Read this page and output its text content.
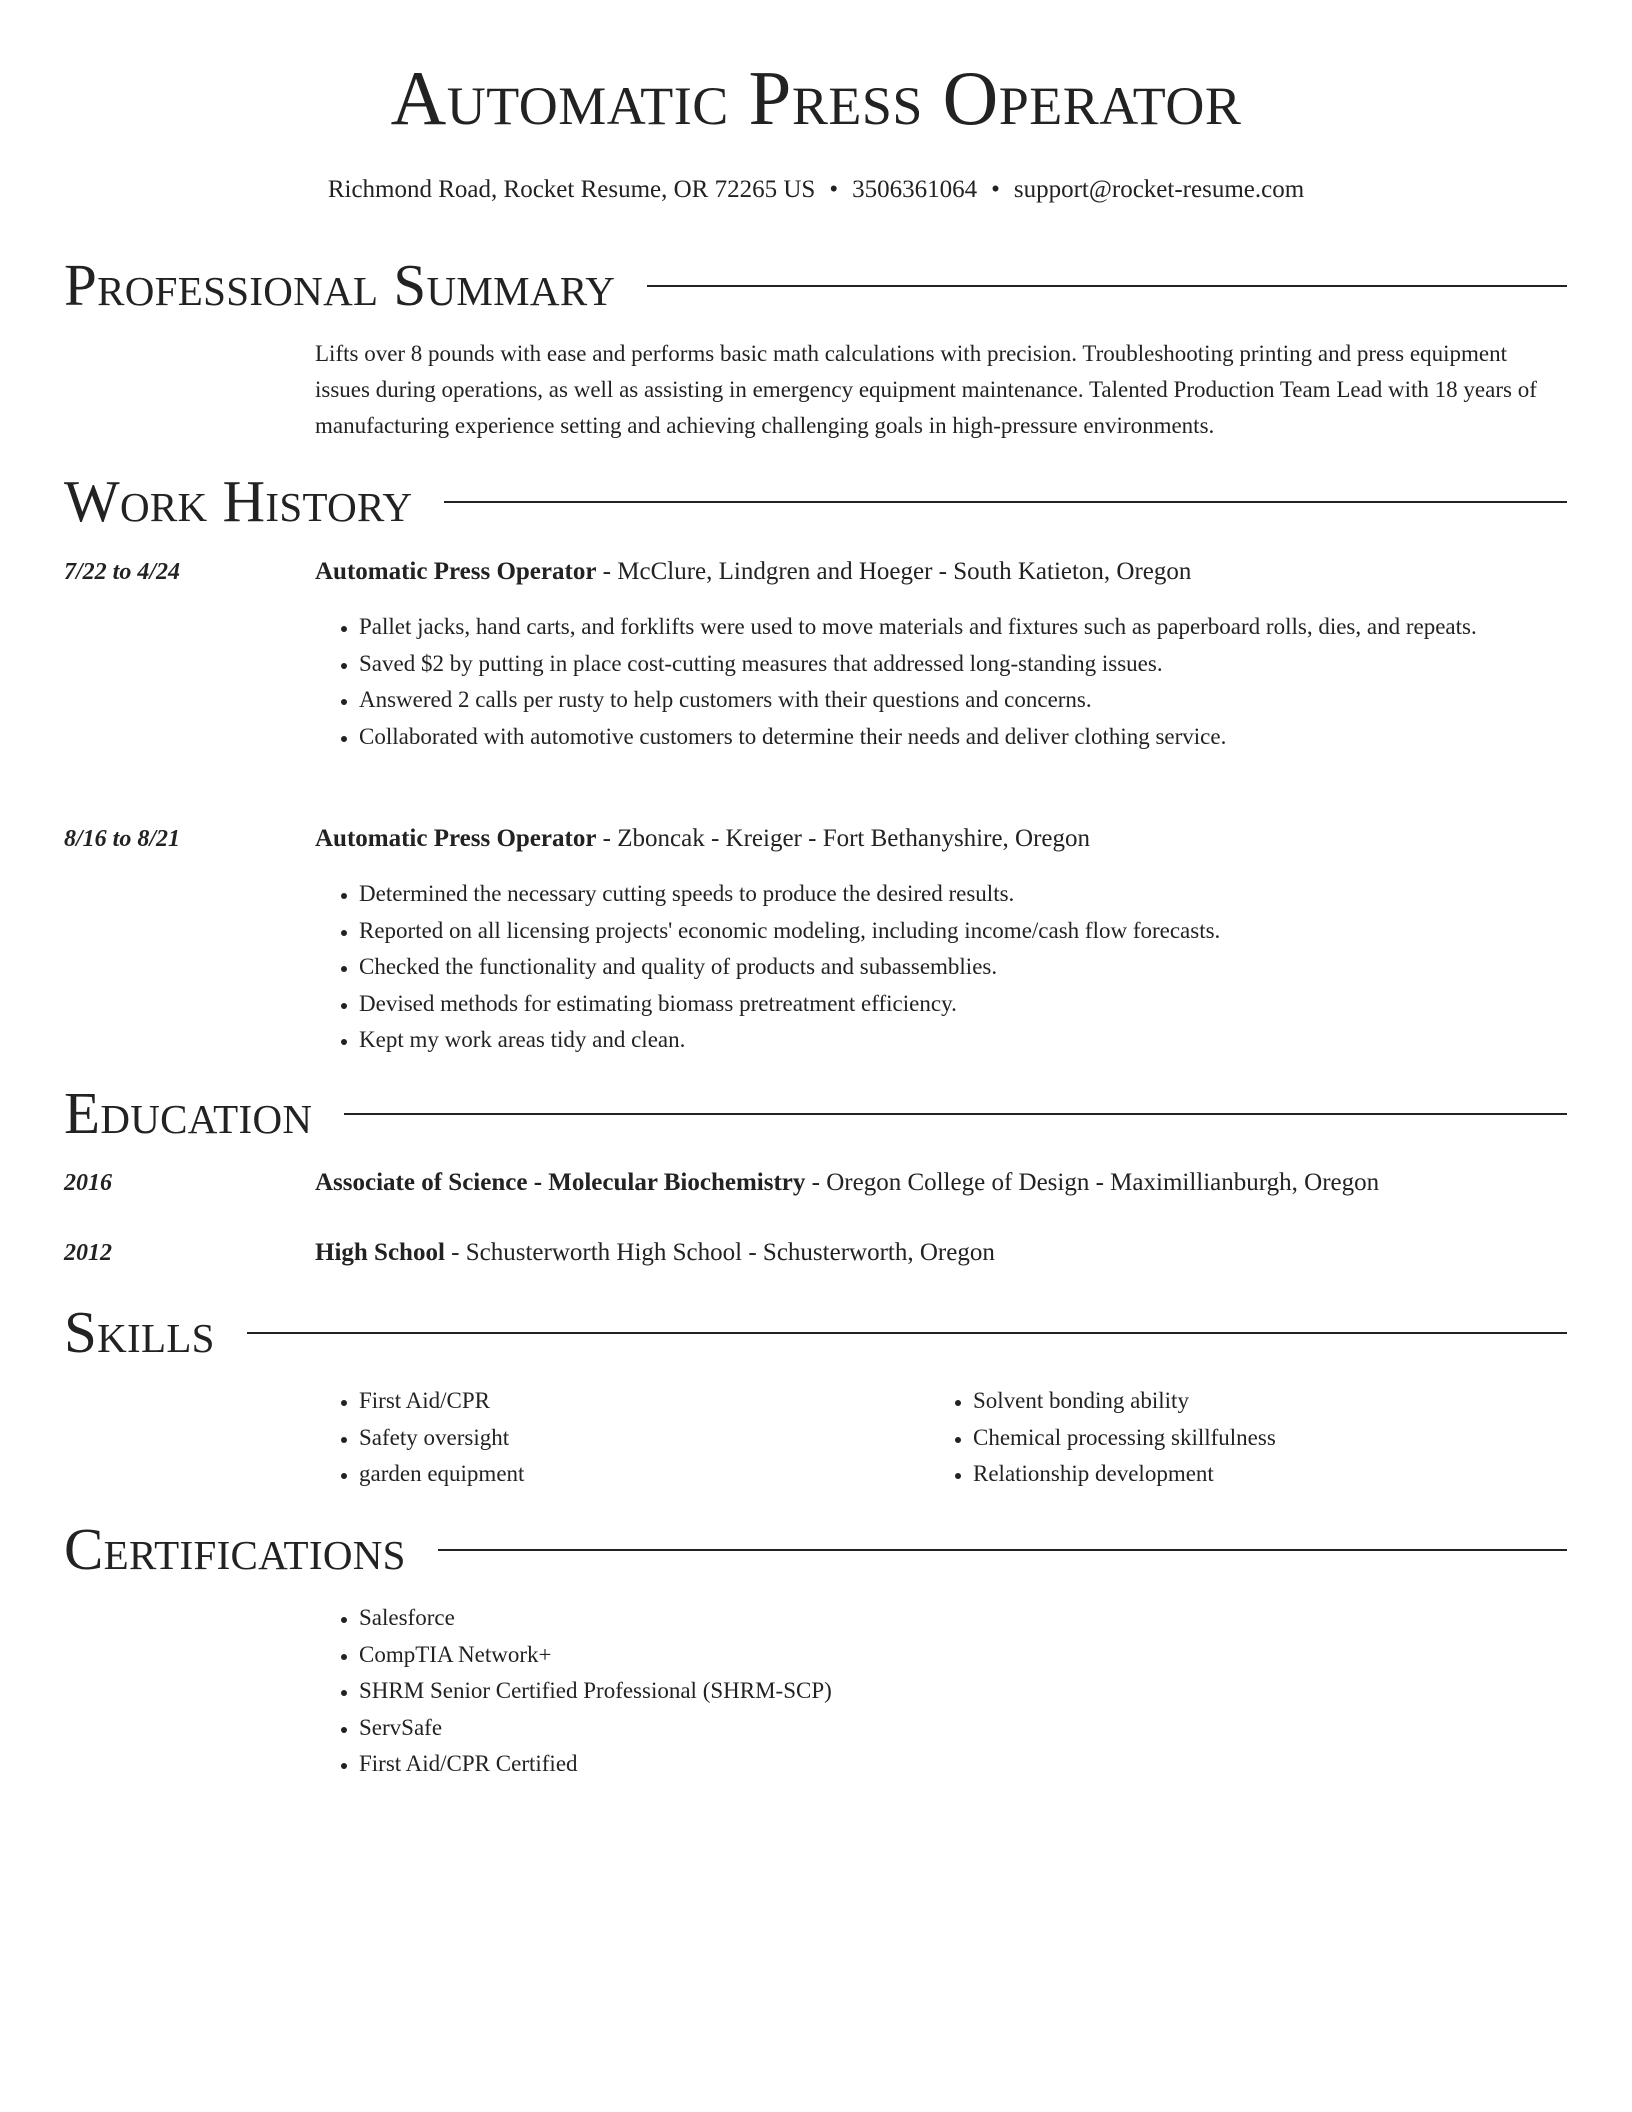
Automatic Press Operator
Richmond Road, Rocket Resume, OR 72265 US • 3506361064 • support@rocket-resume.com
Professional Summary
Lifts over 8 pounds with ease and performs basic math calculations with precision. Troubleshooting printing and press equipment issues during operations, as well as assisting in emergency equipment maintenance. Talented Production Team Lead with 18 years of manufacturing experience setting and achieving challenging goals in high-pressure environments.
Work History
7/22 to 4/24	Automatic Press Operator - McClure, Lindgren and Hoeger - South Katieton, Oregon
• Pallet jacks, hand carts, and forklifts were used to move materials and fixtures such as paperboard rolls, dies, and repeats.
• Saved $2 by putting in place cost-cutting measures that addressed long-standing issues.
• Answered 2 calls per rusty to help customers with their questions and concerns.
• Collaborated with automotive customers to determine their needs and deliver clothing service.
8/16 to 8/21	Automatic Press Operator - Zboncak - Kreiger - Fort Bethanyshire, Oregon
• Determined the necessary cutting speeds to produce the desired results.
• Reported on all licensing projects' economic modeling, including income/cash flow forecasts.
• Checked the functionality and quality of products and subassemblies.
• Devised methods for estimating biomass pretreatment efficiency.
• Kept my work areas tidy and clean.
Education
2016	Associate of Science - Molecular Biochemistry - Oregon College of Design - Maximillianburgh, Oregon
2012	High School - Schusterworth High School - Schusterworth, Oregon
Skills
• First Aid/CPR
• Safety oversight
• garden equipment
• Solvent bonding ability
• Chemical processing skillfulness
• Relationship development
Certifications
• Salesforce
• CompTIA Network+
• SHRM Senior Certified Professional (SHRM-SCP)
• ServSafe
• First Aid/CPR Certified
